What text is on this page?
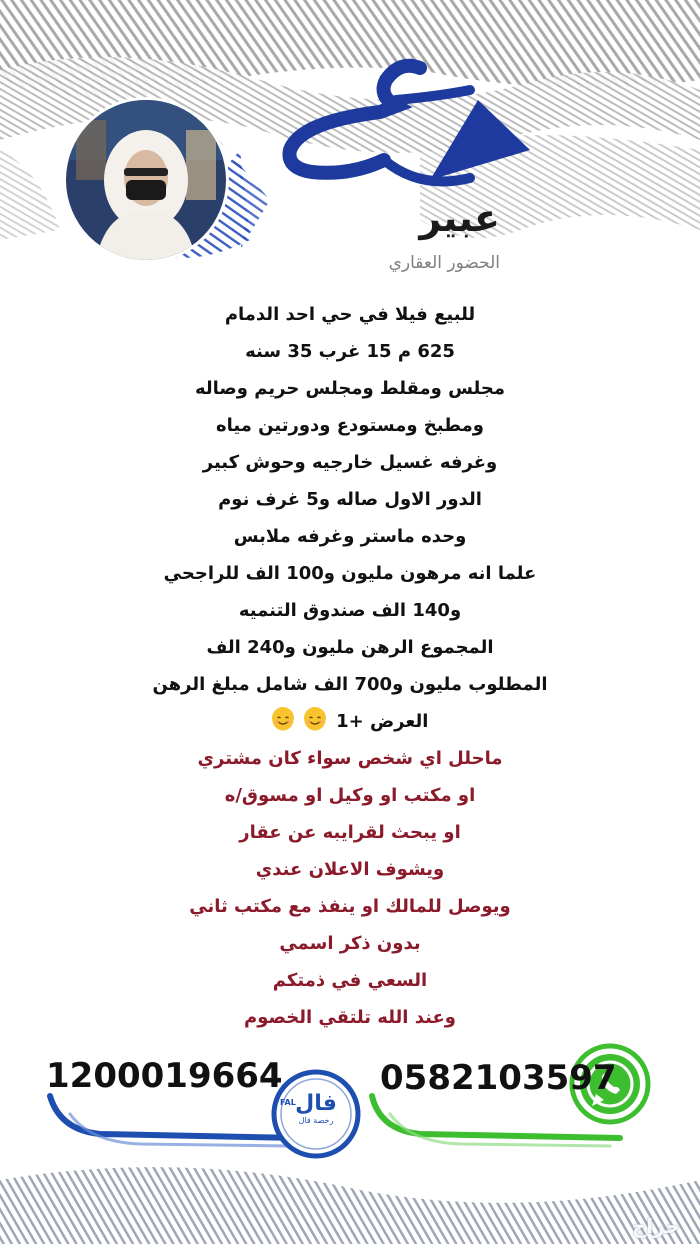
عبير
الحضور العقاري
للبيع فيلا في حي احد الدمام
625 م 15 غرب 35 سنه
مجلس ومقلط ومجلس حريم وصاله
ومطبخ ومستودع ودورتين مياه
وغرفه غسيل خارجيه وحوش كبير
الدور الاول صاله و5 غرف نوم
وحده ماستر وغرفه ملابس
علما انه مرهون مليون و100 الف للراجحي
و140 الف صندوق التنميه
المجموع الرهن مليون و240 الف
المطلوب مليون و700 الف شامل مبلغ الرهن
العرض +1
ماحلل اي شخص سواء كان مشتري
او مكتب او وكيل او مسوق/ه
او يبحث لقرايبه عن عقار
ويشوف الاعلان عندي
ويوصل للمالك او ينفذ مع مكتب ثاني
بدون ذكر اسمي
السعي في ذمتكم
وعند الله تلتقي الخصوم
1200019664	0582103597
فال
رخصة فال
FAL
حراج
